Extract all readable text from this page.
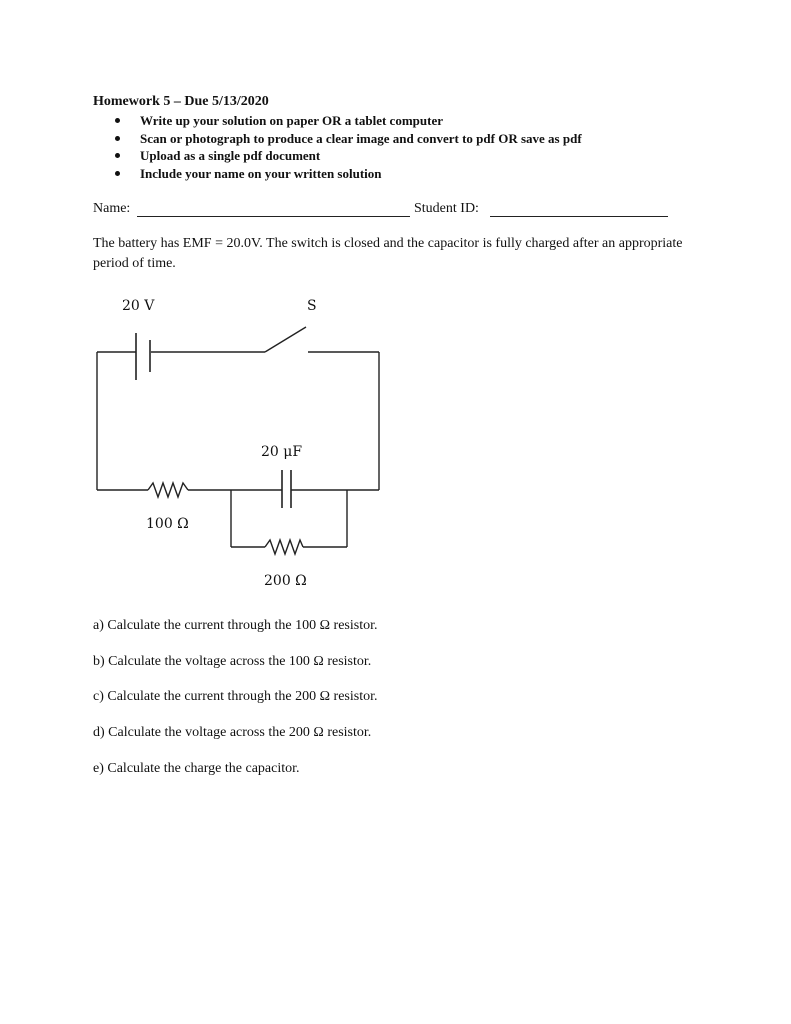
Homework 5 – Due 5/13/2020
Write up your solution on paper OR a tablet computer
Scan or photograph to produce a clear image and convert to pdf OR save as pdf
Upload as a single pdf document
Include your name on your written solution
Name:	Student ID:
The battery has EMF = 20.0V. The switch is closed and the capacitor is fully charged after an appropriate period of time.
20 V	S
20 μF
100 Ω
200 Ω
a) Calculate the current through the 100 Ω resistor.
b) Calculate the voltage across the 100 Ω resistor.
c) Calculate the current through the 200 Ω resistor.
d) Calculate the voltage across the 200 Ω resistor.
e) Calculate the charge the capacitor.
